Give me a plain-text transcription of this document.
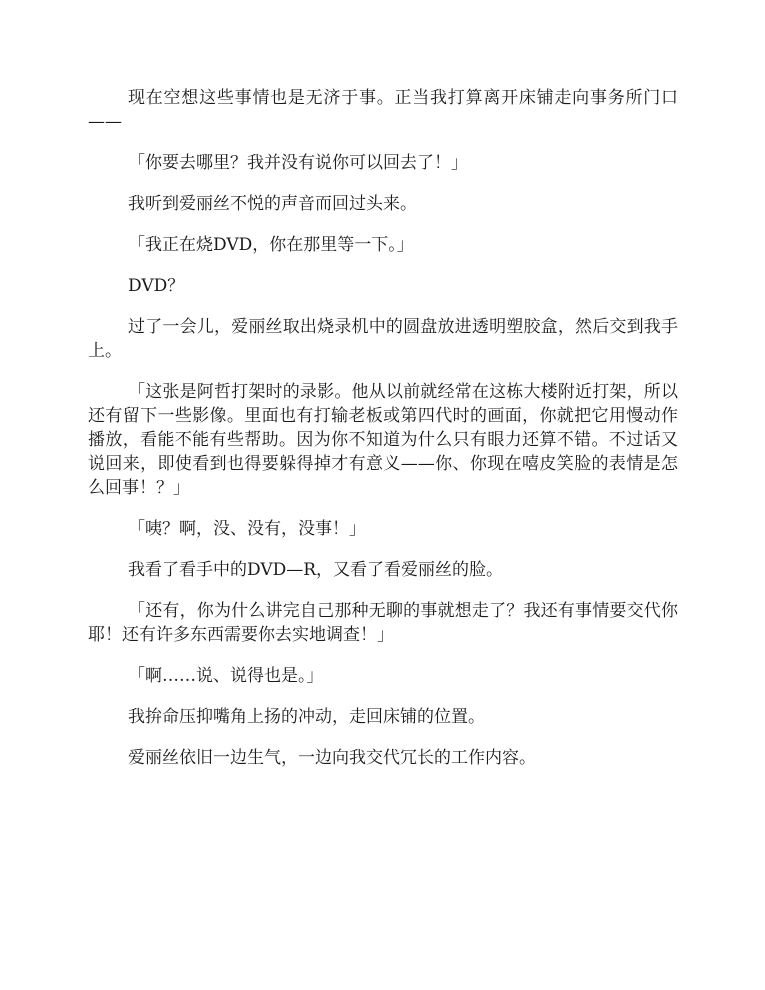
现在空想这些事情也是无济于事。正当我打算离开床铺走向事务所门口——

「你要去哪里？我并没有说你可以回去了！」

我听到爱丽丝不悦的声音而回过头来。

「我正在烧DVD，你在那里等一下。」

DVD？

过了一会儿，爱丽丝取出烧录机中的圆盘放进透明塑胶盒，然后交到我手上。

「这张是阿哲打架时的录影。他从以前就经常在这栋大楼附近打架，所以还有留下一些影像。里面也有打输老板或第四代时的画面，你就把它用慢动作播放，看能不能有些帮助。因为你不知道为什么只有眼力还算不错。不过话又说回来，即使看到也得要躲得掉才有意义——你、你现在嘻皮笑脸的表情是怎么回事！？」

「咦？啊，没、没有，没事！」

我看了看手中的DVD—R，又看了看爱丽丝的脸。

「还有，你为什么讲完自己那种无聊的事就想走了？我还有事情要交代你耶！还有许多东西需要你去实地调查！」

「啊……说、说得也是。」

我拚命压抑嘴角上扬的冲动，走回床铺的位置。

爱丽丝依旧一边生气，一边向我交代冗长的工作内容。
